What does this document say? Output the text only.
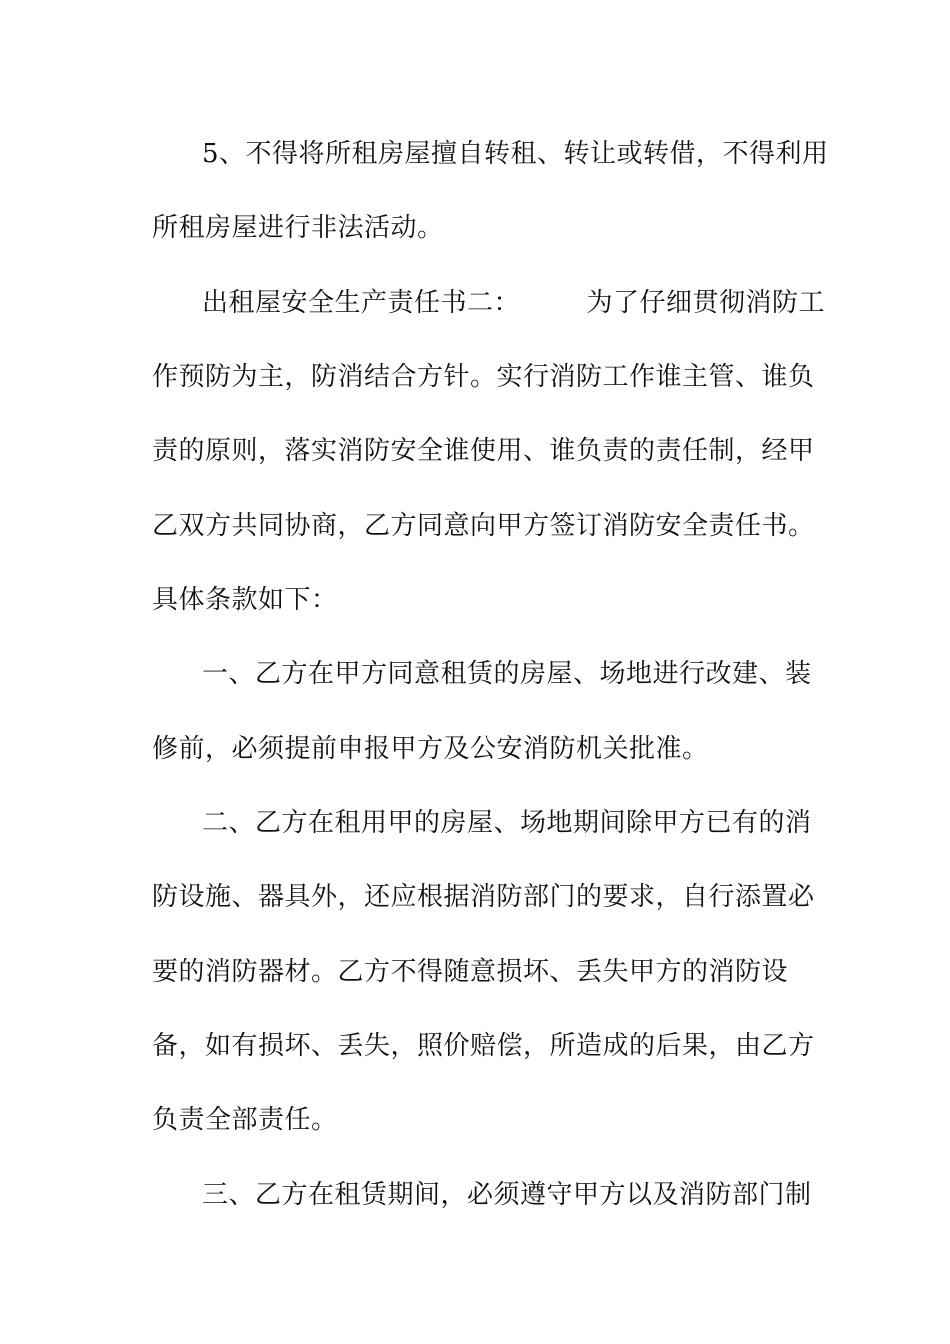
5、不得将所租房屋擅自转租、转让或转借，不得利用
所租房屋进行非法活动。
出租屋安全生产责任书二：　　　为了仔细贯彻消防工
作预防为主，防消结合方针。实行消防工作谁主管、谁负
责的原则，落实消防安全谁使用、谁负责的责任制，经甲
乙双方共同协商，乙方同意向甲方签订消防安全责任书。
具体条款如下：
一、乙方在甲方同意租赁的房屋、场地进行改建、装
修前，必须提前申报甲方及公安消防机关批准。
二、乙方在租用甲的房屋、场地期间除甲方已有的消
防设施、器具外，还应根据消防部门的要求，自行添置必
要的消防器材。乙方不得随意损坏、丢失甲方的消防设
备，如有损坏、丢失，照价赔偿，所造成的后果，由乙方
负责全部责任。
三、乙方在租赁期间，必须遵守甲方以及消防部门制
